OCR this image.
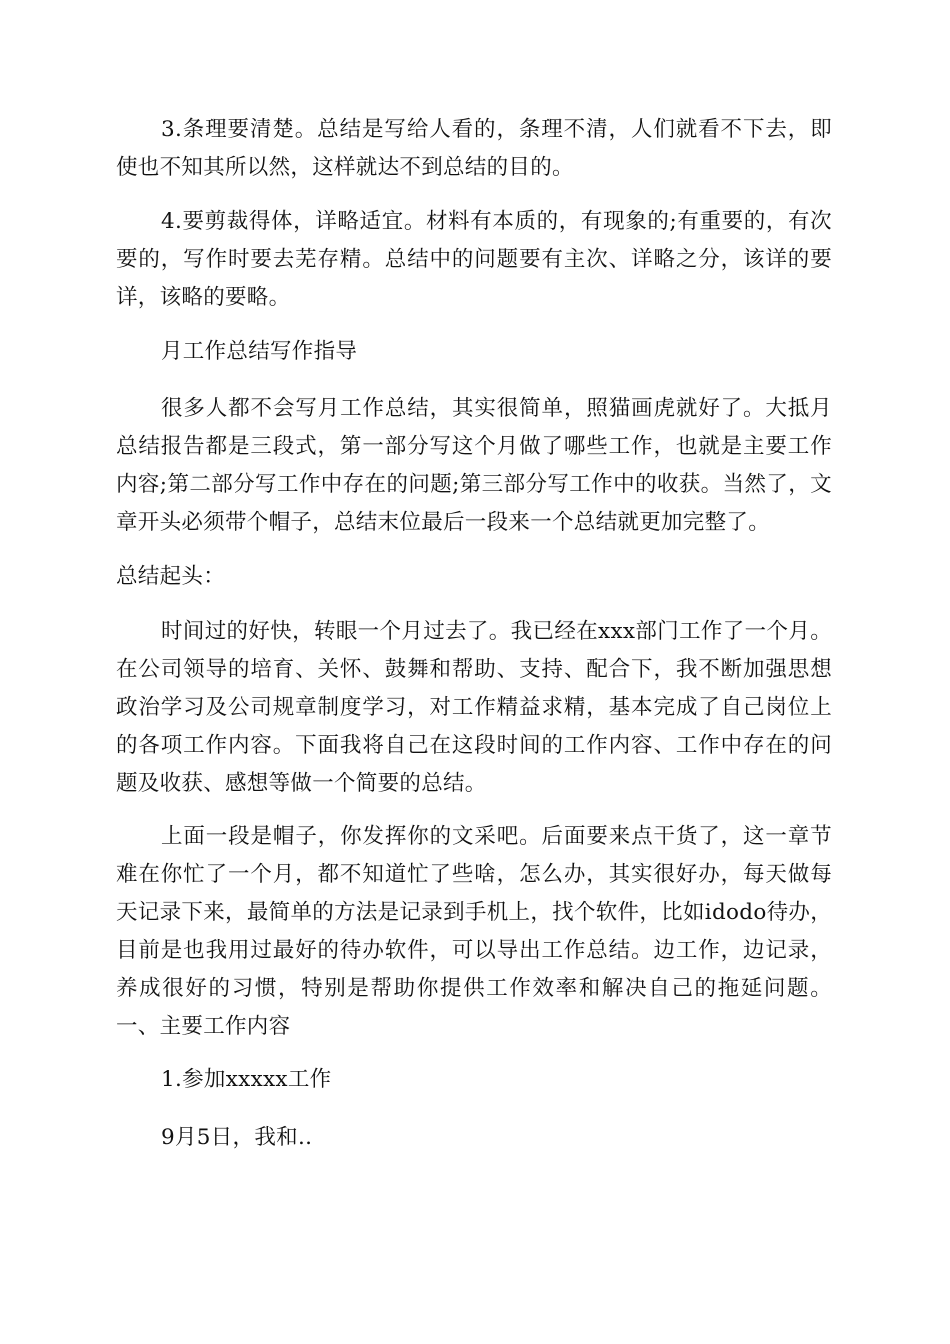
3.条理要清楚。总结是写给人看的，条理不清，人们就看不下去，即使也不知其所以然，这样就达不到总结的目的。

4.要剪裁得体，详略适宜。材料有本质的，有现象的;有重要的，有次要的，写作时要去芜存精。总结中的问题要有主次、详略之分，该详的要详，该略的要略。

月工作总结写作指导

很多人都不会写月工作总结，其实很简单，照猫画虎就好了。大抵月总结报告都是三段式，第一部分写这个月做了哪些工作，也就是主要工作内容;第二部分写工作中存在的问题;第三部分写工作中的收获。当然了，文章开头必须带个帽子，总结末位最后一段来一个总结就更加完整了。

总结起头：

时间过的好快，转眼一个月过去了。我已经在xxx部门工作了一个月。在公司领导的培育、关怀、鼓舞和帮助、支持、配合下，我不断加强思想政治学习及公司规章制度学习，对工作精益求精，基本完成了自己岗位上的各项工作内容。下面我将自己在这段时间的工作内容、工作中存在的问题及收获、感想等做一个简要的总结。

上面一段是帽子，你发挥你的文采吧。后面要来点干货了，这一章节难在你忙了一个月，都不知道忙了些啥，怎么办，其实很好办，每天做每天记录下来，最简单的方法是记录到手机上，找个软件，比如idodo待办，目前是也我用过最好的待办软件，可以导出工作总结。边工作，边记录，养成很好的习惯，特别是帮助你提供工作效率和解决自己的拖延问题。一、主要工作内容

1.参加xxxxx工作

9月5日，我和..
